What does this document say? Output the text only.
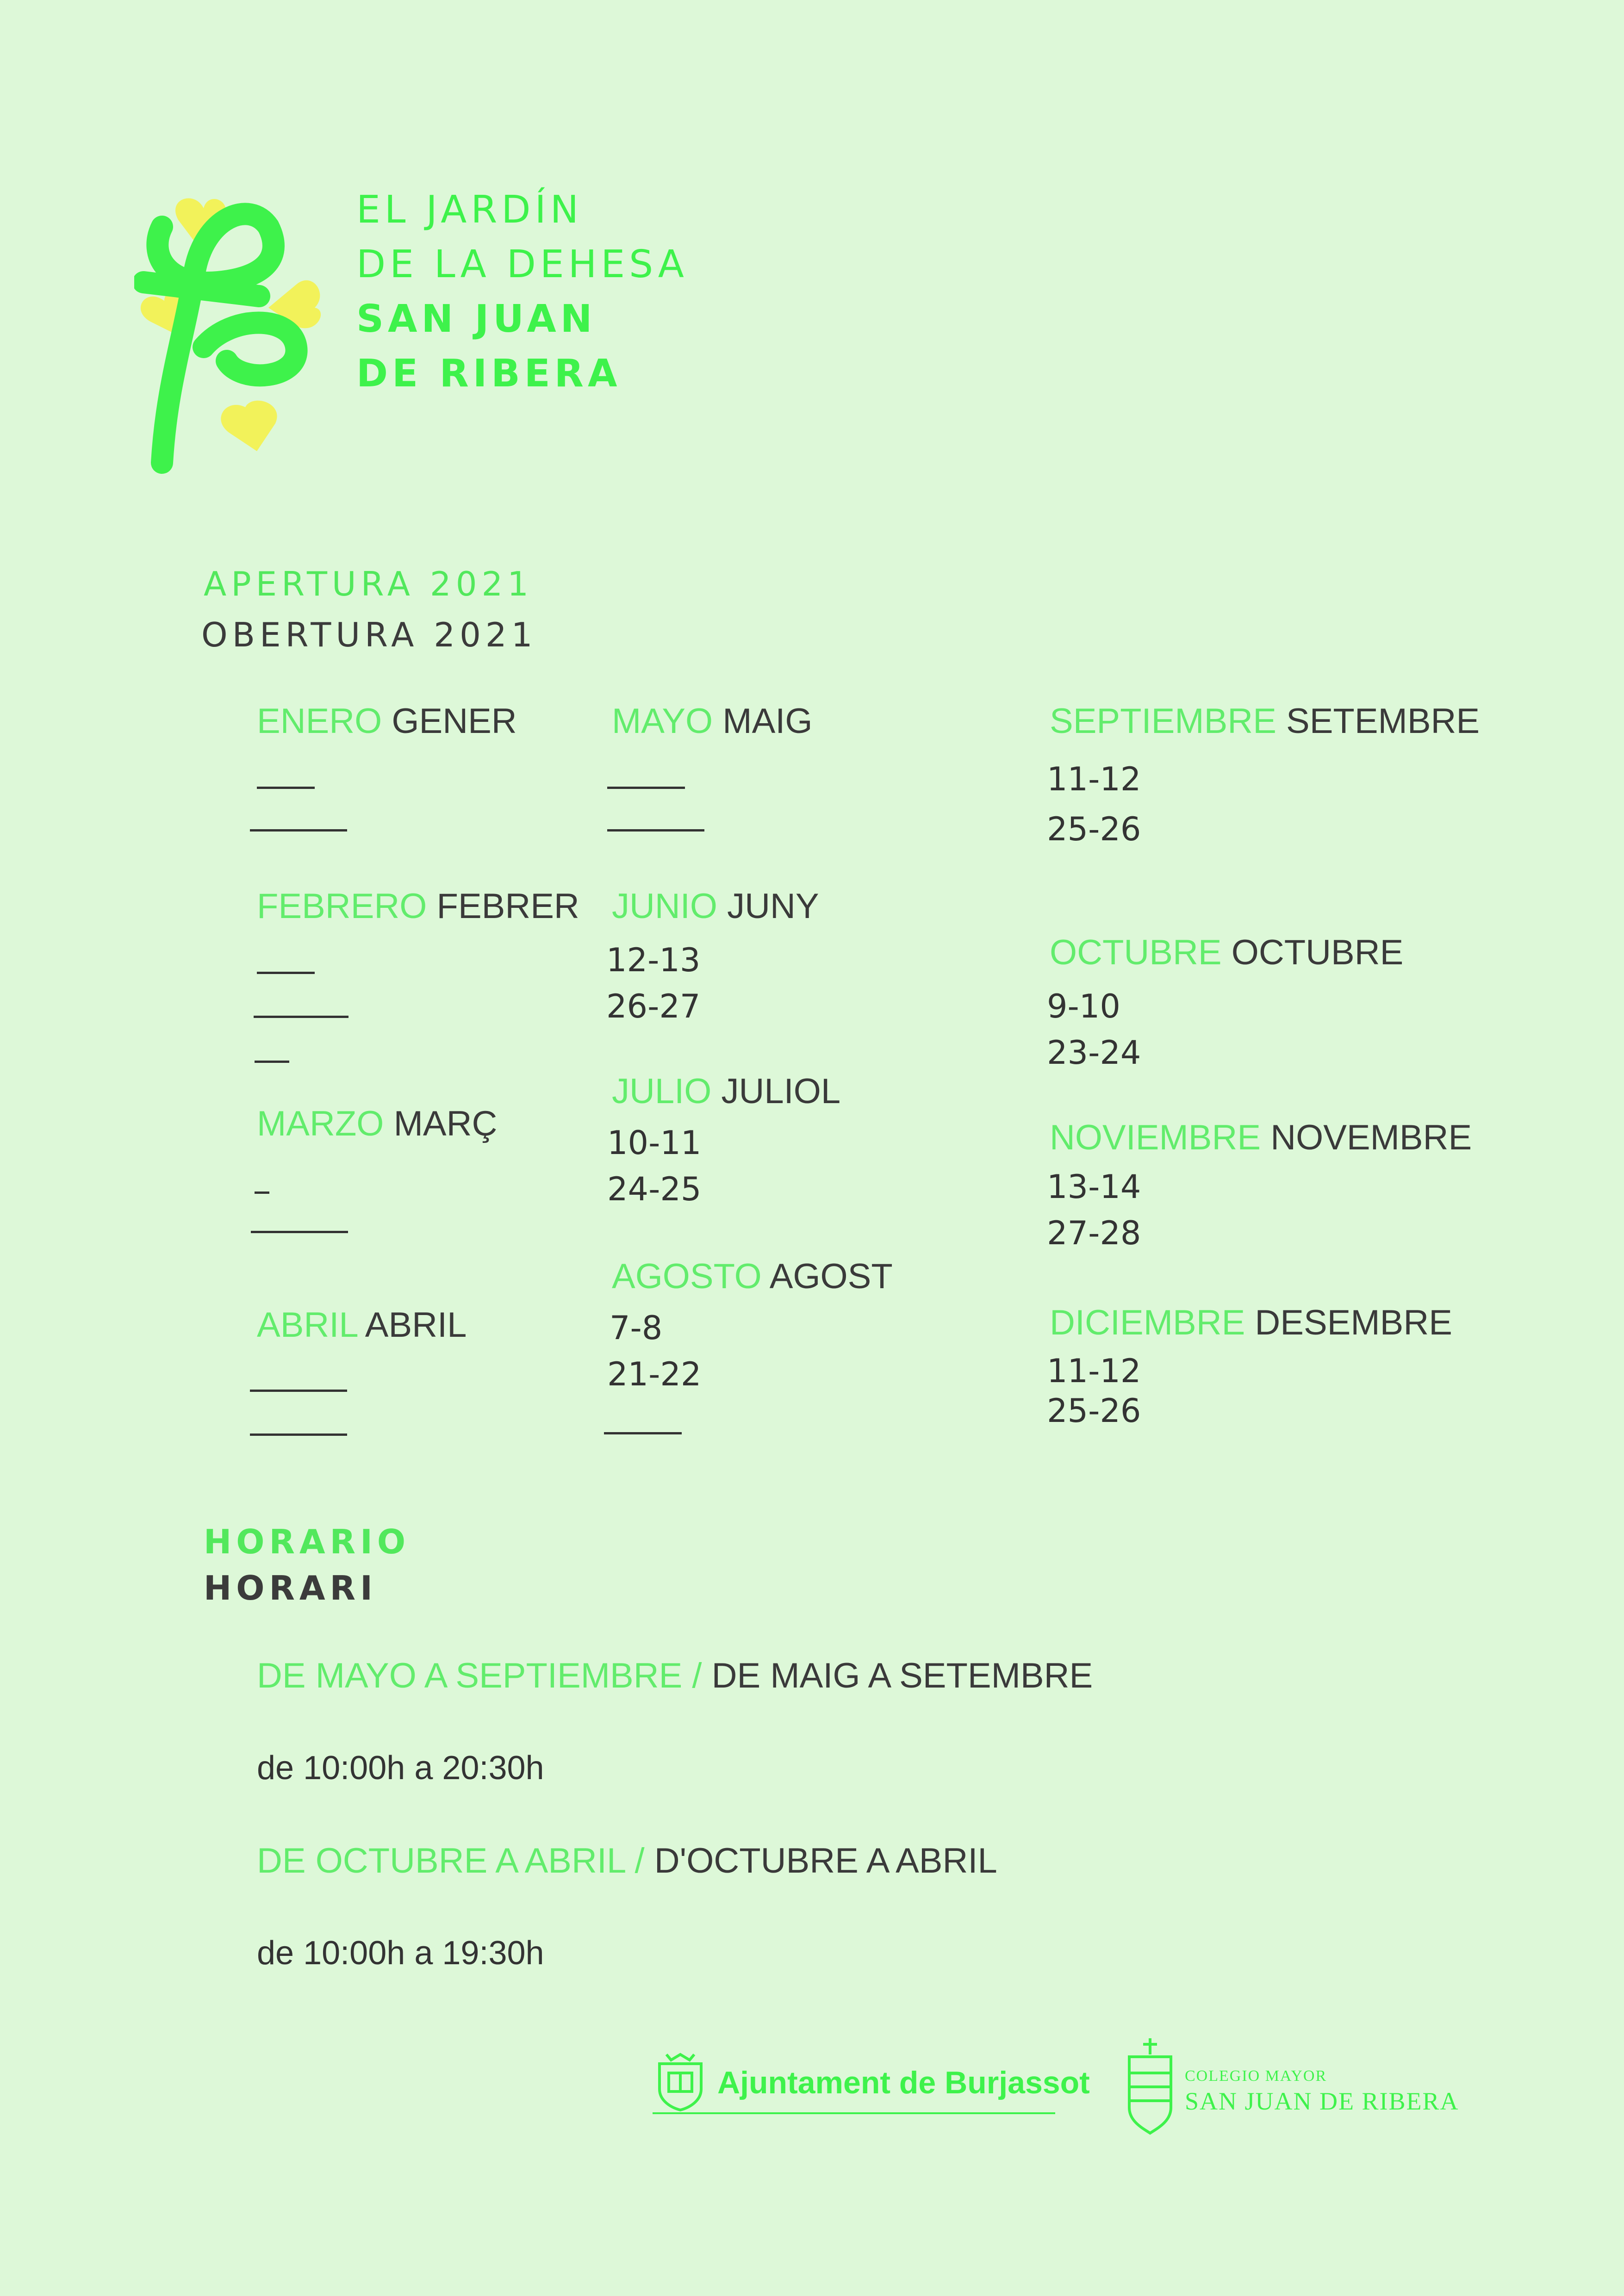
EL JARDÍN
DE LA DEHESA
SAN JUAN
DE RIBERA
APERTURA 2021
OBERTURA 2021
ENERO GENER
FEBRERO FEBRER
MARZO MARÇ
ABRIL ABRIL
MAYO MAIG
JUNIO JUNY
12-13
26-27
JULIO JULIOL
10-11
24-25
AGOSTO AGOST
7-8
21-22
SEPTIEMBRE SETEMBRE
11-12
25-26
OCTUBRE OCTUBRE
9-10
23-24
NOVIEMBRE NOVEMBRE
13-14
27-28
DICIEMBRE DESEMBRE
11-12
25-26
HORARIO
HORARI
DE MAYO A SEPTIEMBRE / DE MAIG A SETEMBRE
de 10:00h a 20:30h
DE OCTUBRE A ABRIL / D'OCTUBRE A ABRIL
de 10:00h a 19:30h
Ajuntament de Burjassot	COLEGIO MAYOR
SAN JUAN DE RIBERA
